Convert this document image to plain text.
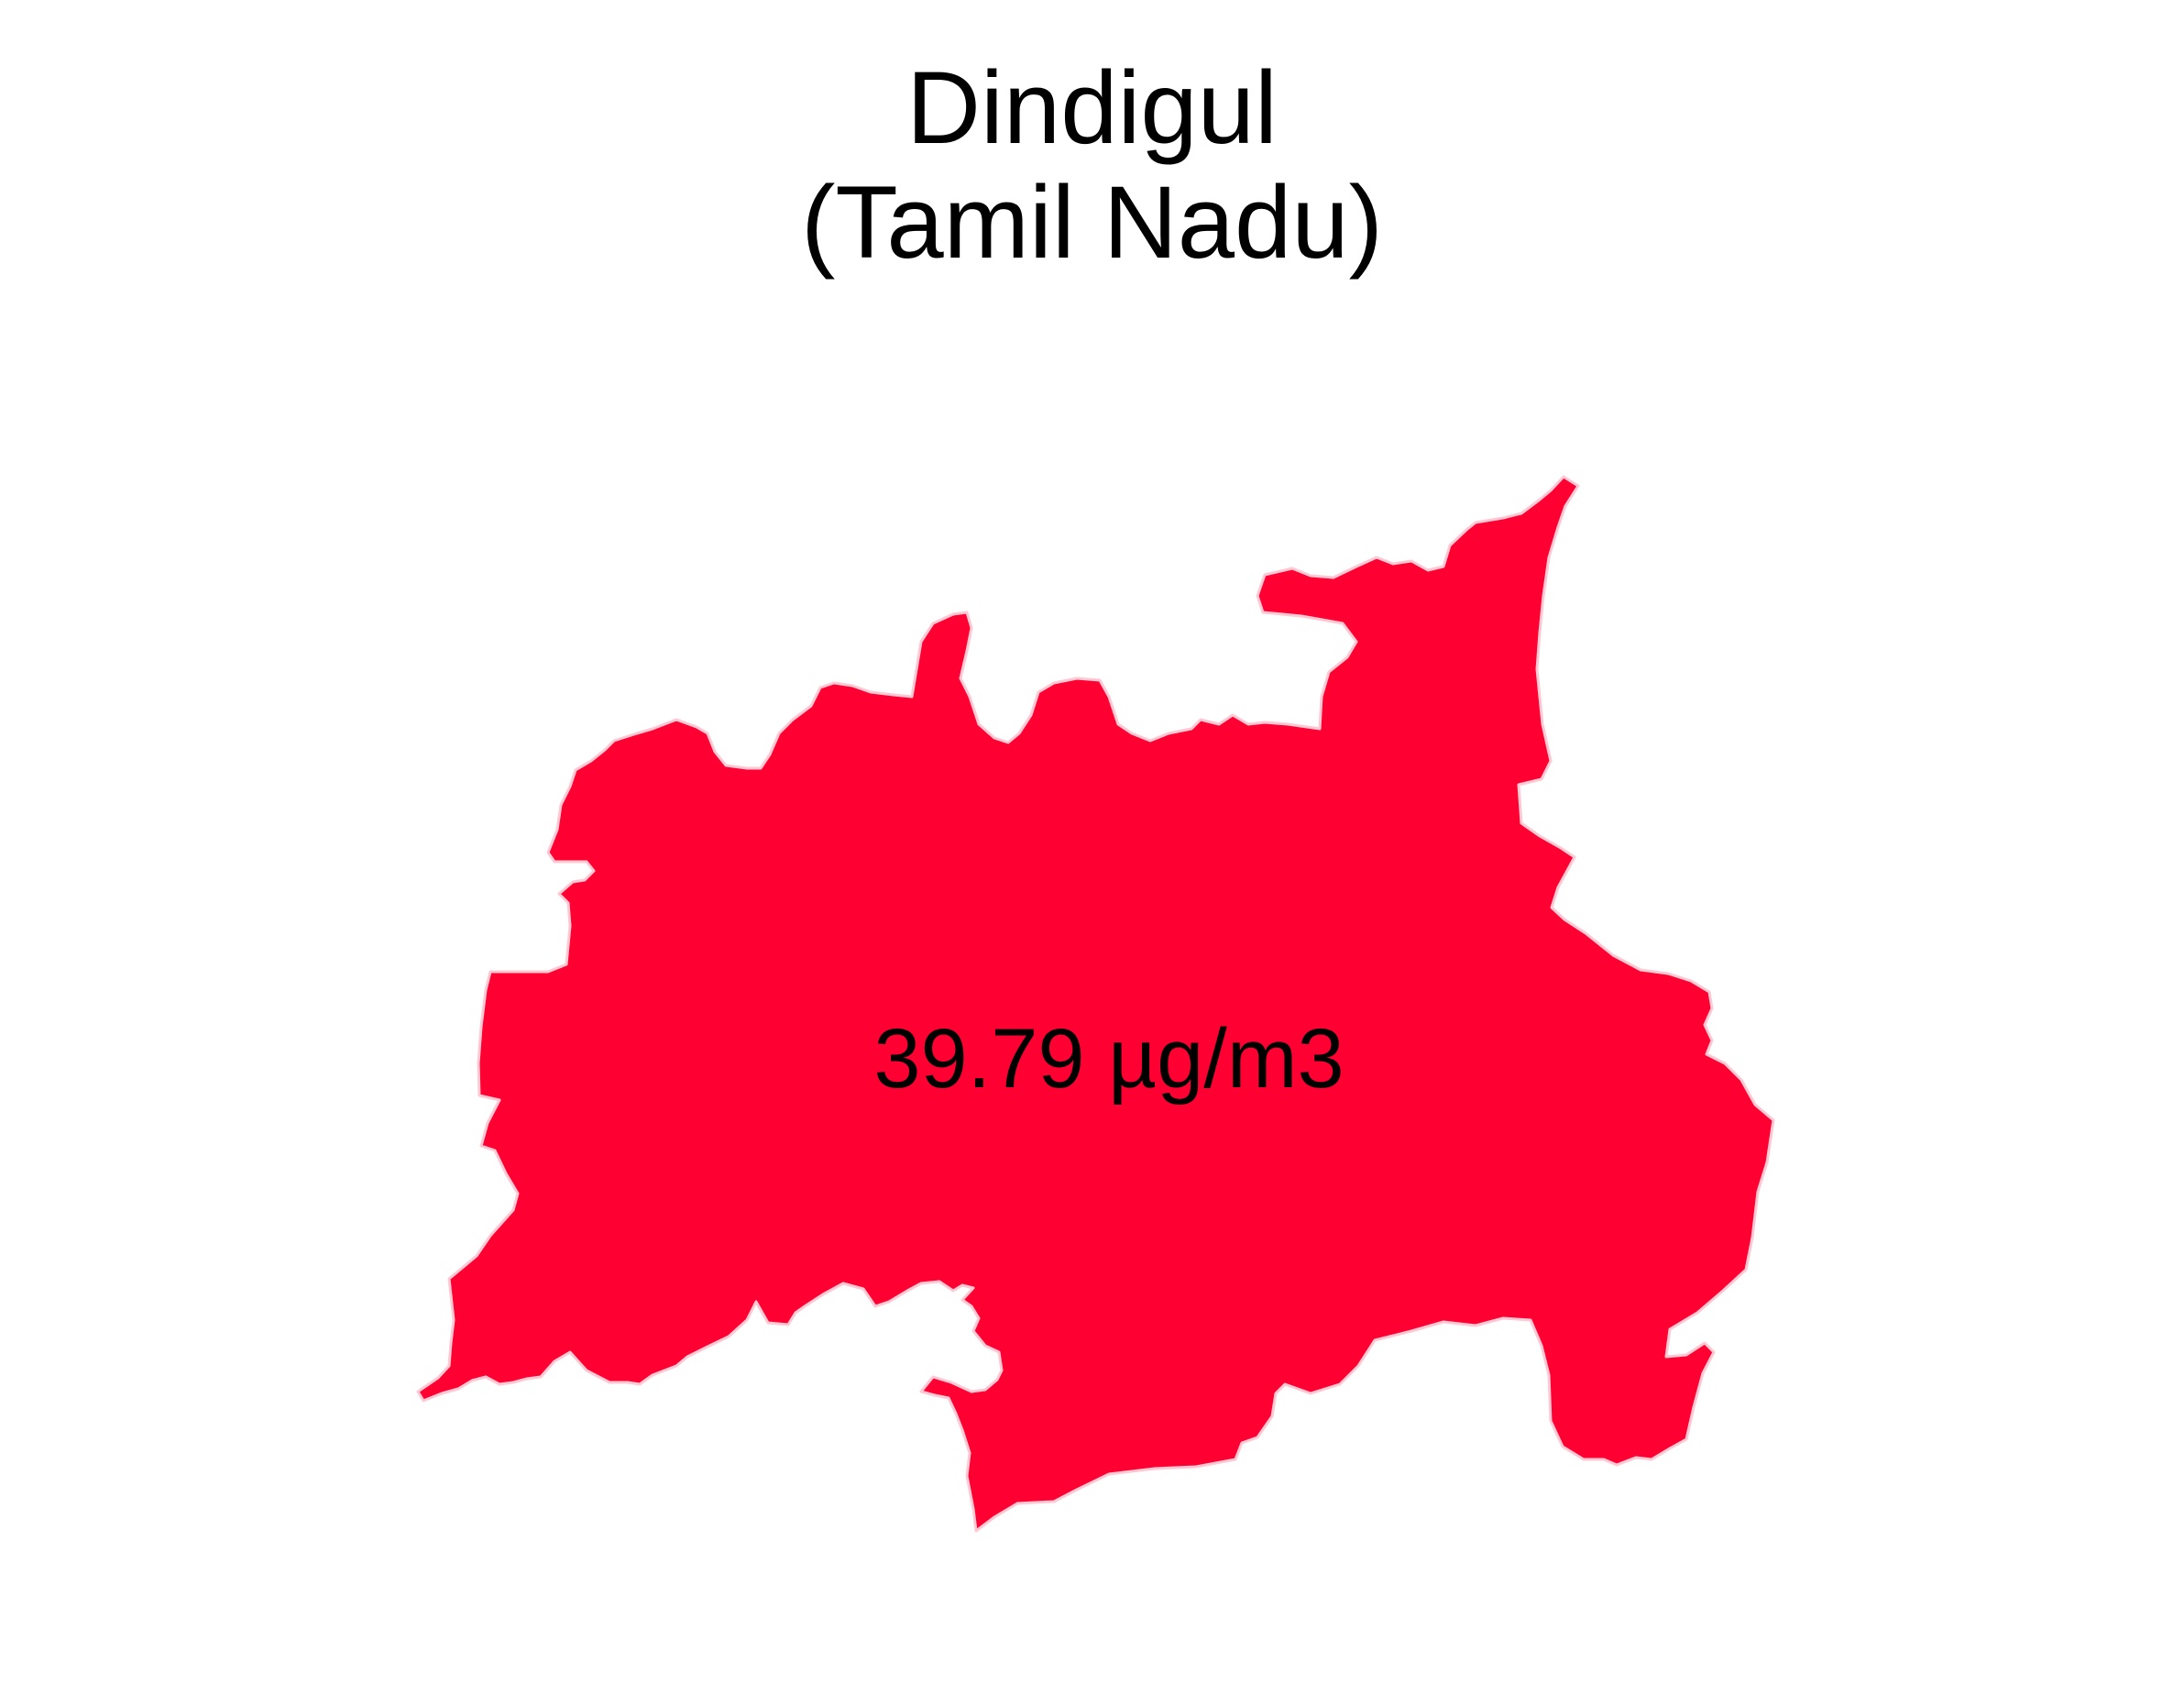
Dindigul
(Tamil Nadu)
39.79 µg/m3
